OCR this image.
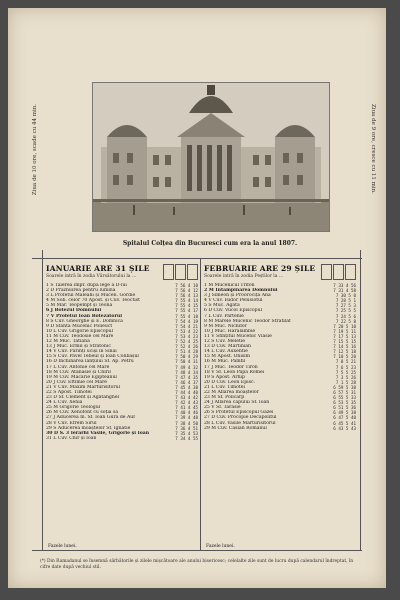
Ziua de 10 ore, scade cu 44 min.	Ziua de 9 ore, cresce cu 11 min.
Spitalul Colțea din Bucuresci cum era la anul 1807.
IANUARIE ARE 31 ȘILE
Soarele intră în zodia Vărsătorului la ...
1 S Taierea împr. dupa lege a D-lui	7 56 4 10
2 D Prăznuirea pentru lumina	7 56 4 12
3 L Profetul Maleahi și Mucen. Gordie	7 56 4 13
4 M Sob. celor 70 Apost. și Cuv. Teoctist	7 55 4 14
5 M Mar. Teopempt și Teona	7 55 4 15
6 J Botezul Domnului	7 55 4 17
7 V Profetul Ioan Botezătorul	7 55 4 18
8 S Cuv. Gheorghe și E. Domnica	7 54 4 19
9 D Sfânta Mucenic Polieuct	7 54 4 21
10 L Cuv. Grigorie Episcopul	7 53 4 22
11 M Cuv. Teodosie cel Mare	7 53 4 23
12 M Muc. Tatiana	7 52 4 25
13 J Muc. Ermil și Stratonic	7 52 4 26
14 V Cuv. Părinți uciși în Sinai	7 51 4 28
15 S Cuv. Pavel Tebeul și Ioan Colibașul	7 50 4 29
16 D Închinarea lanțului Sf. Ap. Petru	7 50 4 31
17 L Cuv. Antonie cel Mare	7 49 4 32
18 M Cuv. Atanasie și Chiril	7 48 4 34
19 M Cuv. Macarie Egipteanul	7 47 4 35
20 J Cuv. Eftimie cel Mare	7 46 4 37
21 V Cuv. Maxim Mărturisitorul	7 45 4 38
22 S Apost. Timotei	7 44 4 40
23 D Sf. Clement și Agatanghel	7 43 4 42
24 L Cuv. Xenia	7 42 4 43
25 M Grigorie Teologul	7 41 4 45
26 M Cuv. Xenofont cu soția sa	7 40 4 46
27 J Aducerea m. Sf. Ioan Gură de Aur	7 39 4 48
28 V Cuv. Efrem Sirul	7 38 4 50
29 S Aducerea moaștelor Sf. Ignatie	7 36 4 51
30 D S. 3 Ierarhi Vasile, Grigorie și Ioan	7 35 4 53
31 L Cuv. Chir și Ioan	7 34 4 55
FEBRUARIE ARE 29 ȘILE
Soarele intră în zodia Peștilor la ...
1 M Mucenicul Trifon	7 33 4 56
2 M Întâmpinarea Domnului	7 31 4 58
3 J Simeon și Proorocița Ana	7 30 5 0
4 V Cuv. Isidor Pelusiotul	7 28 5 1
5 S Muc. Agata	7 27 5 3
6 D Cuv. Vucol Episcopul	7 25 5 5
7 L Cuv. Partenie	7 24 5 6
8 M Marele Mucenic Teodor Stratilat	7 22 5 8
9 M Muc. Nichifor	7 20 5 10
10 J Muc. Haralambie	7 19 5 11
11 V Sfințitul Mucenic Vlasie	7 17 5 13
12 S Cuv. Meletie	7 15 5 15
13 D Cuv. Martinian	7 14 5 16
14 L Cuv. Auxentie	7 12 5 18
15 M Apost. Onisim	7 10 5 20
16 M Muc. Pamfil	7 8 5 21
17 J Muc. Teodor Tiron	7 6 5 23
18 V Sf. Leon Papa Romei	7 5 5 25
19 S Apost. Arhip	7 3 5 26
20 D Cuv. Leon Episc.	7 1 5 28
21 L Cuv. Timotei	6 59 5 30
22 M Aflarea moaștelor	6 57 5 31
23 M Sf. Policarp	6 55 5 33
24 J Aflarea capului Sf. Ioan	6 53 5 35
25 V Sf. Tarasie	6 51 5 36
26 S Profetul Episcopul Gazei	6 49 5 38
27 D Cuv. Procopie Decapolitul	6 47 5 40
28 L Cuv. Vasile Mărturisitorul	6 45 5 41
29 M Cuv. Casian Romanul	6 43 5 43
Fazele lunei.	Fazele lunei.
(*) Din Ramadanul se însemnă sărbătorile și zilele mișcătoare ale anului bisericesc; celelalte zile sunt de lucru după calendarul îndreptat, în cifre date după vechiul stil.
